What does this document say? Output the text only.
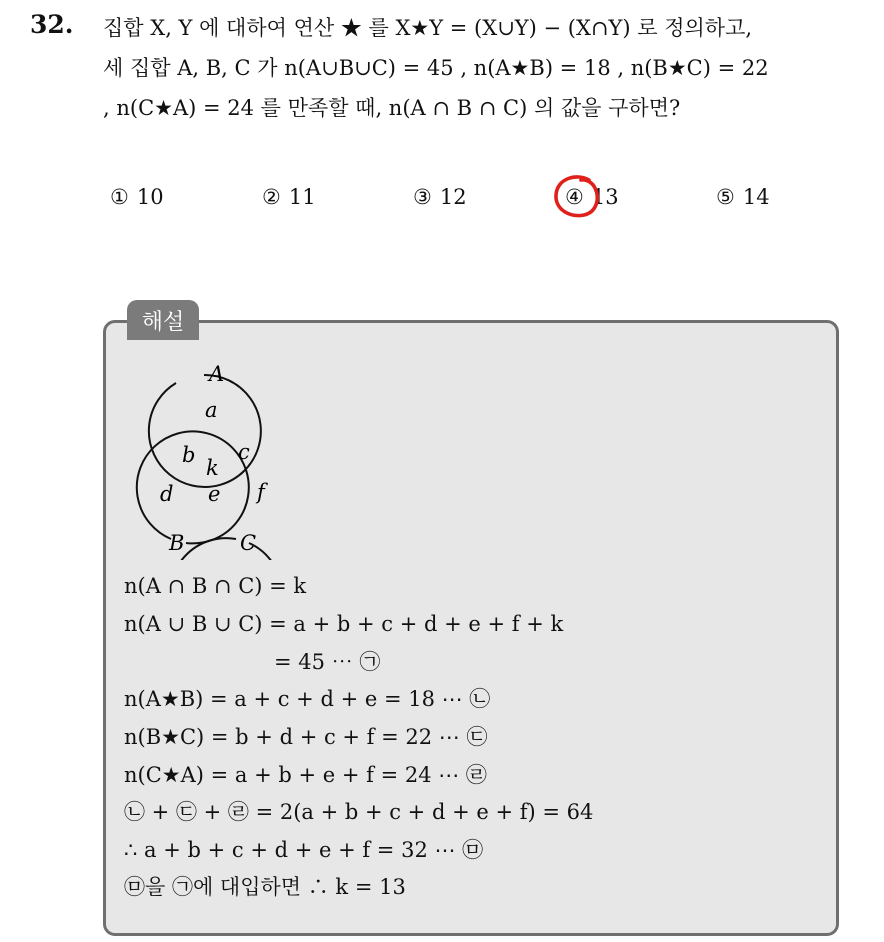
32. 집합 X, Y 에 대하여 연산 ★ 를 X★Y = (X∪Y) − (X∩Y) 로 정의하고,
세 집합 A, B, C 가 n(A∪B∪C) = 45 , n(A★B) = 18 , n(B★C) = 22
, n(C★A) = 24 를 만족할 때, n(A ∩ B ∩ C) 의 값을 구하면?
① 10	② 11	③ 12	④ 13	⑤ 14
해설
A
B	C
a
b c
d e f
k
n(A ∩ B ∩ C) = k
n(A ∪ B ∪ C) = a + b + c + d + e + f + k
= 45 ⋯ ㉠
n(A★B) = a + c + d + e = 18 ⋯ ㉡
n(B★C) = b + d + c + f = 22 ⋯ ㉢
n(C★A) = a + b + e + f = 24 ⋯ ㉣
㉡ + ㉢ + ㉣ = 2(a + b + c + d + e + f) = 64
∴ a + b + c + d + e + f = 32 ⋯ ㉤
㉤을 ㉠에 대입하면 ∴ k = 13
